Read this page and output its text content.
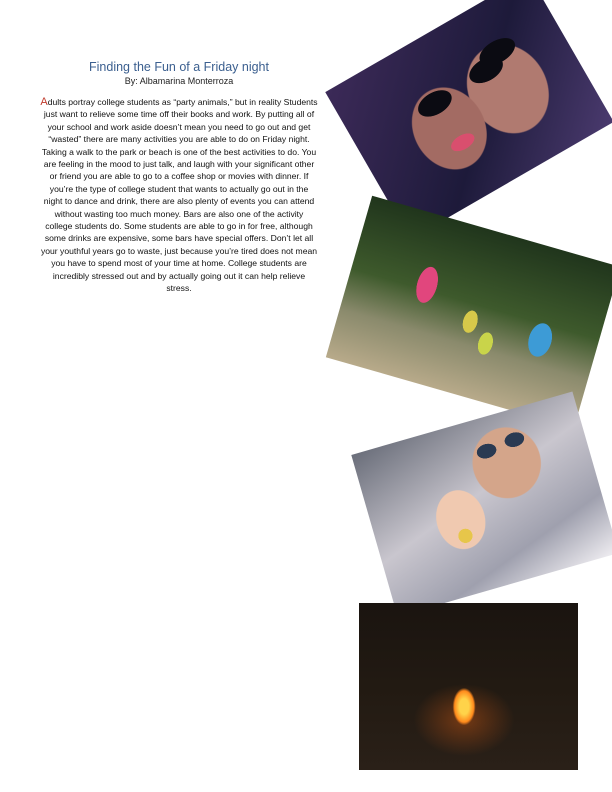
Finding the Fun of a Friday night
By: Albamarina Monterroza

Adults portray college students as “party animals,” but in reality Students just want to relieve some time off their books and work. By putting all of your school and work aside doesn’t mean you need to go out and get “wasted” there are many activities you are able to do on Friday night. Taking a walk to the park or beach is one of the best activities to do. You are feeling in the mood to just talk, and laugh with your significant other or friend you are able to go to a coffee shop or movies with dinner. If you’re the type of college student that wants to actually go out in the night to dance and drink, there are also plenty of events you can attend without wasting too much money. Bars are also one of the activity college students do. Some students are able to go in for free, although some drinks are expensive, some bars have special offers. Don’t let all your youthful years go to waste, just because you’re tired does not mean you have to spend most of your time at home. College students are incredibly stressed out and by actually going out it can help relieve stress.
